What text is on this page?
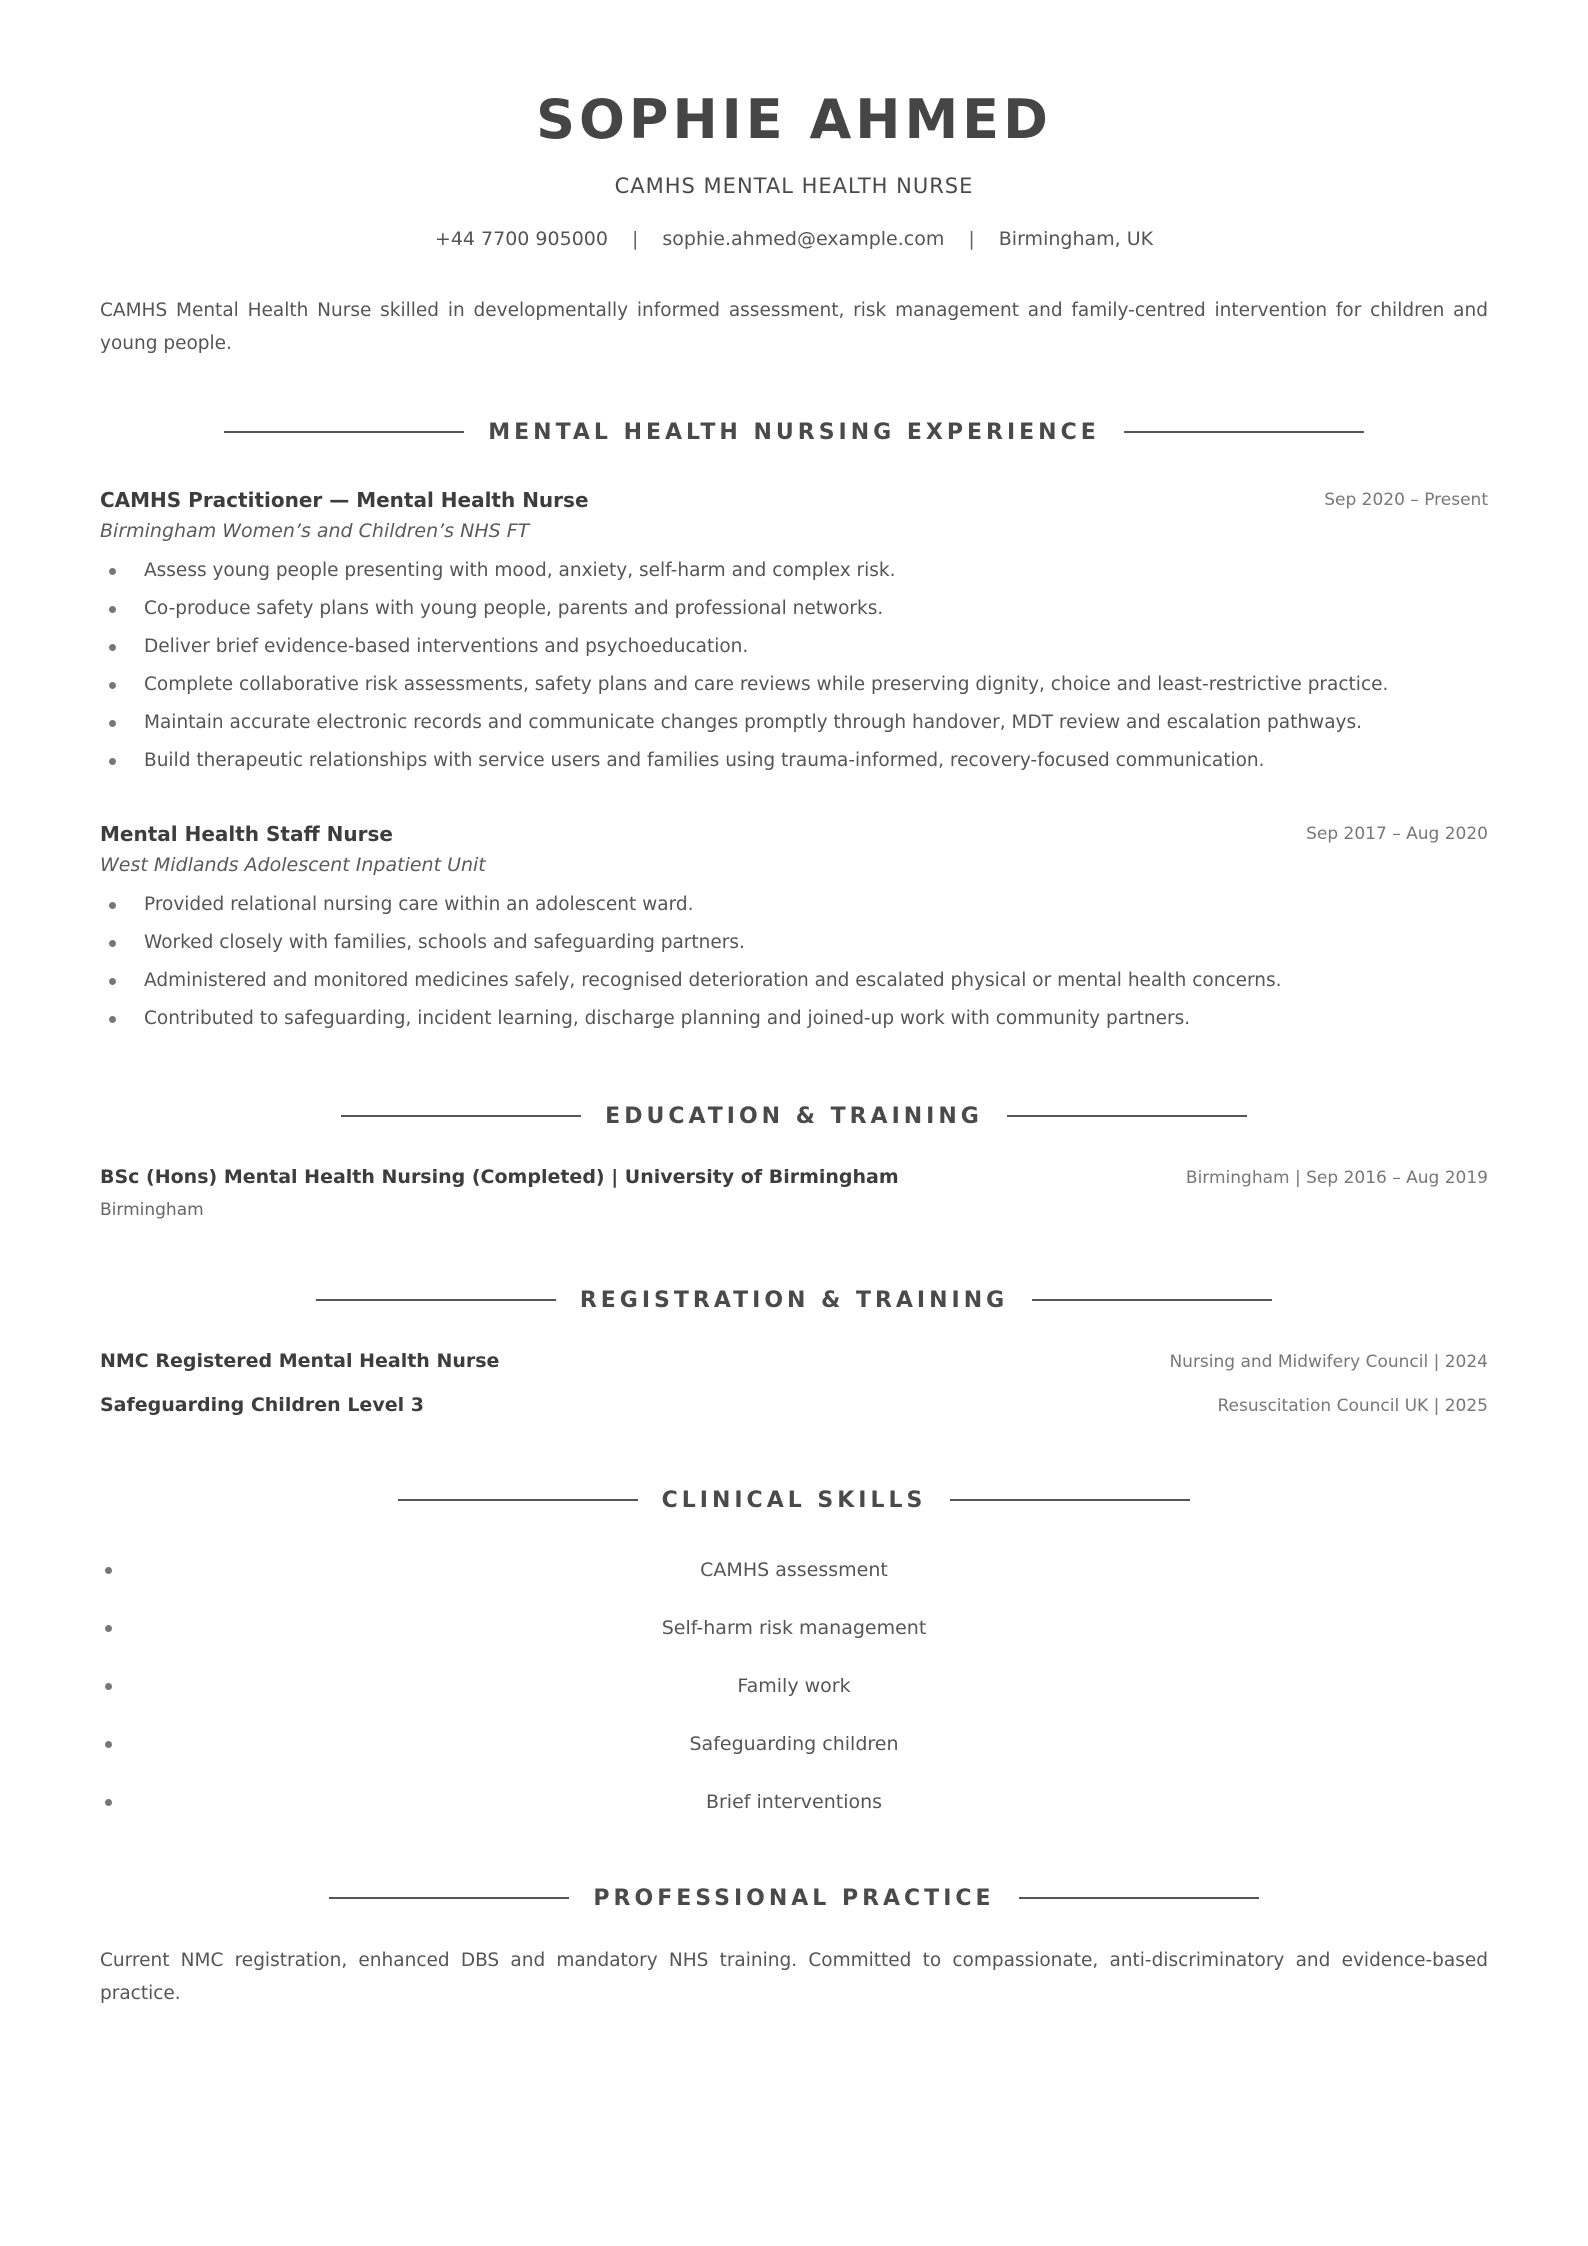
SOPHIE AHMED
CAMHS MENTAL HEALTH NURSE
+44 7700 905000 | sophie.ahmed@example.com | Birmingham, UK
CAMHS Mental Health Nurse skilled in developmentally informed assessment, risk management and family-centred intervention for children and young people.
MENTAL HEALTH NURSING EXPERIENCE
CAMHS Practitioner — Mental Health Nurse	Sep 2020 – Present
Birmingham Women’s and Children’s NHS FT
Assess young people presenting with mood, anxiety, self-harm and complex risk.
Co-produce safety plans with young people, parents and professional networks.
Deliver brief evidence-based interventions and psychoeducation.
Complete collaborative risk assessments, safety plans and care reviews while preserving dignity, choice and least-restrictive practice.
Maintain accurate electronic records and communicate changes promptly through handover, MDT review and escalation pathways.
Build therapeutic relationships with service users and families using trauma-informed, recovery-focused communication.
Mental Health Staff Nurse	Sep 2017 – Aug 2020
West Midlands Adolescent Inpatient Unit
Provided relational nursing care within an adolescent ward.
Worked closely with families, schools and safeguarding partners.
Administered and monitored medicines safely, recognised deterioration and escalated physical or mental health concerns.
Contributed to safeguarding, incident learning, discharge planning and joined-up work with community partners.
EDUCATION & TRAINING
BSc (Hons) Mental Health Nursing (Completed) | University of Birmingham	Birmingham | Sep 2016 – Aug 2019
Birmingham
REGISTRATION & TRAINING
NMC Registered Mental Health Nurse	Nursing and Midwifery Council | 2024
Safeguarding Children Level 3	Resuscitation Council UK | 2025
CLINICAL SKILLS
CAMHS assessment
Self-harm risk management
Family work
Safeguarding children
Brief interventions
PROFESSIONAL PRACTICE
Current NMC registration, enhanced DBS and mandatory NHS training. Committed to compassionate, anti-discriminatory and evidence-based practice.
